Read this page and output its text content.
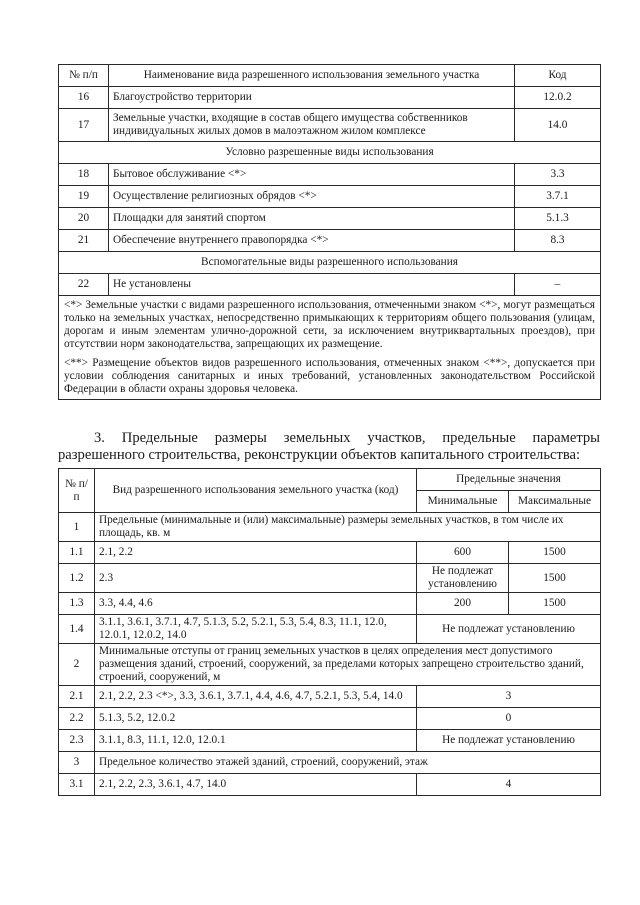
№ п/п	Наименование вида разрешенного использования земельного участка	Код
16	Благоустройство территории	12.0.2
17	Земельные участки, входящие в состав общего имущества собственников индивидуальных жилых домов в малоэтажном жилом комплексе	14.0
Условно разрешенные виды использования		
18	Бытовое обслуживание <*>	3.3
19	Осуществление религиозных обрядов <*>	3.7.1
20	Площадки для занятий спортом	5.1.3
21	Обеспечение внутреннего правопорядка <*>	8.3
Вспомогательные виды разрешенного использования		
22	Не установлены	–

<*> Земельные участки с видами разрешенного использования, отмеченными знаком <*>, могут размещаться только на земельных участках, непосредственно примыкающих к территориям общего пользования (улицам, дорогам и иным элементам улично-дорожной сети, за исключением внутриквартальных проездов), при отсутствии норм законодательства, запрещающих их размещение.

<**> Размещение объектов видов разрешенного использования, отмеченных знаком <**>, допускается при условии соблюдения санитарных и иных требований, установленных законодательством Российской Федерации в области охраны здоровья человека.		

3. Предельные размеры земельных участков, предельные параметры разрешенного строительства, реконструкции объектов капитального строительства:

№ п/п	Вид разрешенного использования земельного участка (код)	Предельные значения	
		Минимальные	Максимальные
1	Предельные (минимальные и (или) максимальные) размеры земельных участков, в том числе их площадь, кв. м		
1.1	2.1, 2.2	600	1500
1.2	2.3	Не подлежат установлению	1500
1.3	3.3, 4.4, 4.6	200	1500
1.4	3.1.1, 3.6.1, 3.7.1, 4.7, 5.1.3, 5.2, 5.2.1, 5.3, 5.4, 8.3, 11.1, 12.0, 12.0.1, 12.0.2, 14.0	Не подлежат установлению	
2	Минимальные отступы от границ земельных участков в целях определения мест допустимого размещения зданий, строений, сооружений, за пределами которых запрещено строительство зданий, строений, сооружений, м		
2.1	2.1, 2.2, 2.3 <*>, 3.3, 3.6.1, 3.7.1, 4.4, 4.6, 4.7, 5.2.1, 5.3, 5.4, 14.0	3	
2.2	5.1.3, 5.2, 12.0.2	0	
2.3	3.1.1, 8.3, 11.1, 12.0, 12.0.1	Не подлежат установлению	
3	Предельное количество этажей зданий, строений, сооружений, этаж		
3.1	2.1, 2.2, 2.3, 3.6.1, 4.7, 14.0	4	
